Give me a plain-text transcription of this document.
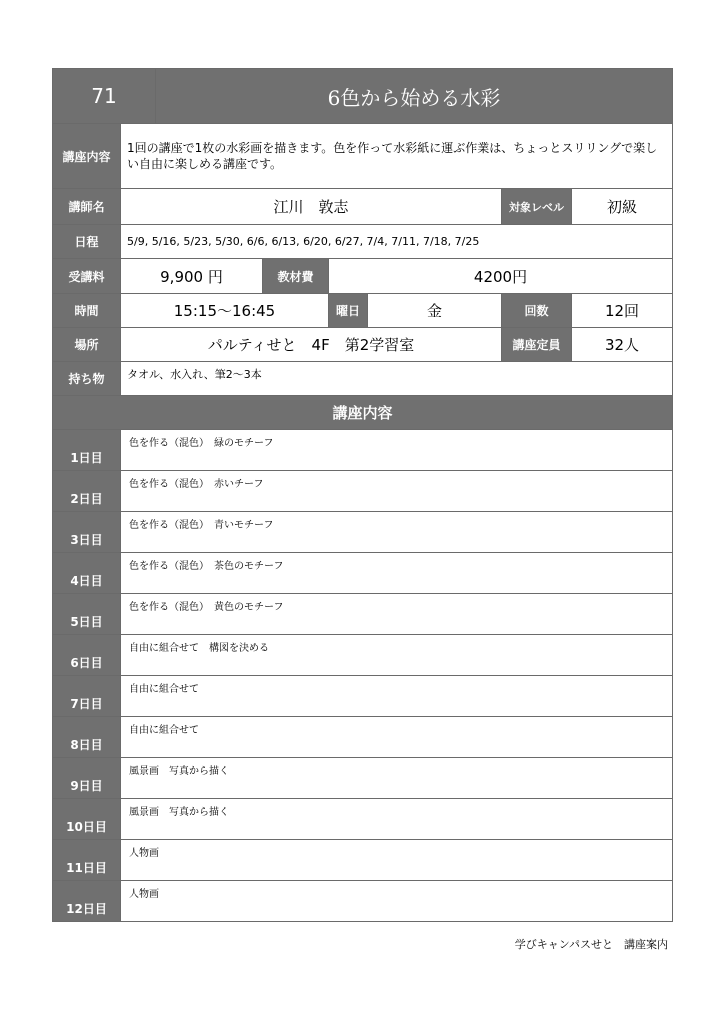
71		6色から始める水彩					
講座内容	1回の講座で1枚の水彩画を描きます。色を作って水彩紙に運ぶ作業は、ちょっとスリリングで楽しい自由に楽しめる講座です。						
講師名	江川　敦志					対象レベル	初級
日程	5/9, 5/16, 5/23, 5/30, 6/6, 6/13, 6/20, 6/27, 7/4, 7/11, 7/18, 7/25						
受講料	9,900 円		教材費	4200円			
時間	15:15〜16:45			曜日	金	回数	12回
場所	パルティせと　4F　第2学習室					講座定員	32人
持ち物	タオル、水入れ、筆2〜3本						
講座内容							
1日目	色を作る（混色）　緑のモチーフ						
2日目	色を作る（混色）　赤いチーフ						
3日目	色を作る（混色）　青いモチーフ						
4日目	色を作る（混色）　茶色のモチーフ						
5日目	色を作る（混色）　黄色のモチーフ						
6日目	自由に組合せて　構図を決める						
7日目	自由に組合せて						
8日目	自由に組合せて						
9日目	風景画　写真から描く						
10日目	風景画　写真から描く						
11日目	人物画						
12日目	人物画						
学びキャンパスせと　講座案内
